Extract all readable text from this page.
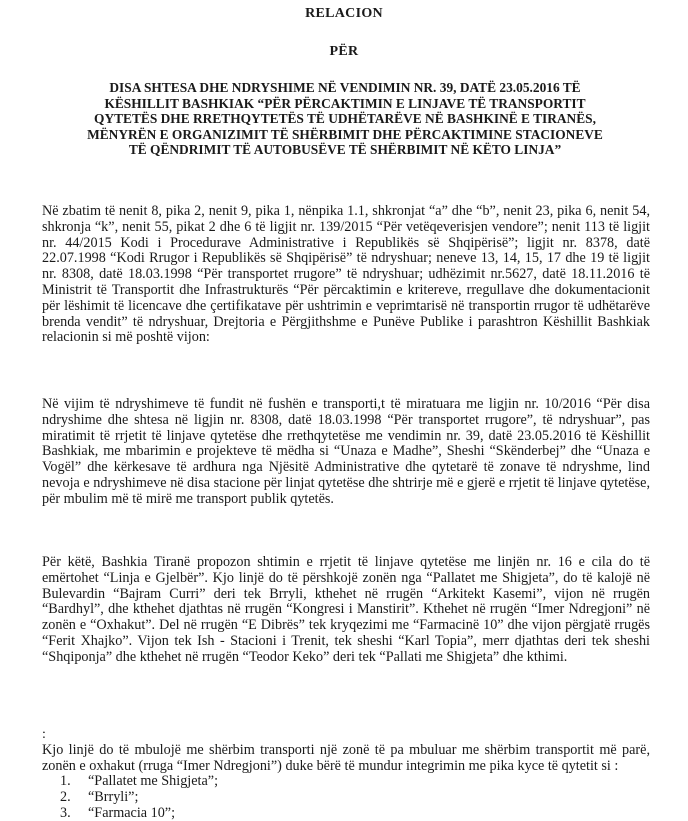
RELACION
PËR
DISA SHTESA DHE NDRYSHIME NË VENDIMIN NR. 39, DATË 23.05.2016 TË
KËSHILLIT BASHKIAK “PËR PËRCAKTIMIN E LINJAVE TË TRANSPORTIT
QYTETËS DHE RRETHQYTETËS TË UDHËTARËVE NË BASHKINË E TIRANËS,
MËNYRËN E ORGANIZIMIT TË SHËRBIMIT DHE PËRCAKTIMINE STACIONEVE
TË QËNDRIMIT TË AUTOBUSËVE TË SHËRBIMIT NË KËTO LINJA”
Në zbatim të nenit 8, pika 2, nenit 9, pika 1, nënpika 1.1, shkronjat “a” dhe “b”, nenit 23, pika 6, nenit 54, shkronja “k”, nenit 55, pikat 2 dhe 6 të ligjit nr. 139/2015 “Për vetëqeverisjen vendore”; nenit 113 të ligjit nr. 44/2015 Kodi i Procedurave Administrative i Republikës së Shqipërisë”; ligjit nr. 8378, datë 22.07.1998 “Kodi Rrugor i Republikës së Shqipërisë” të ndryshuar; neneve 13, 14, 15, 17 dhe 19 të ligjit nr. 8308, datë 18.03.1998 “Për transportet rrugore” të ndryshuar; udhëzimit nr.5627, datë 18.11.2016 të Ministrit të Transportit dhe Infrastrukturës “Për përcaktimin e kritereve, rregullave dhe dokumentacionit për lëshimit të licencave dhe çertifikatave për ushtrimin e veprimtarisë në transportin rrugor të udhëtarëve brenda vendit” të ndryshuar, Drejtoria e Përgjithshme e Punëve Publike i parashtron Këshillit Bashkiak relacionin si më poshtë vijon:
Në vijim të ndryshimeve të fundit në fushën e transporti,t të miratuara me ligjin nr. 10/2016 “Për disa ndryshime dhe shtesa në ligjin nr. 8308, datë 18.03.1998 “Për transportet rrugore”, të ndryshuar”, pas miratimit të rrjetit të linjave qytetëse dhe rrethqytetëse me vendimin nr. 39, datë 23.05.2016 të Këshillit Bashkiak, me mbarimin e projekteve të mëdha si “Unaza e Madhe”, Sheshi “Skënderbej” dhe “Unaza e Vogël” dhe kërkesave të ardhura nga Njësitë Administrative dhe qytetarë të zonave të ndryshme, lind nevoja e ndryshimeve në disa stacione për linjat qytetëse dhe shtrirje më e gjerë e rrjetit të linjave qytetëse, për mbulim më të mirë me transport publik qytetës.
Për këtë, Bashkia Tiranë propozon shtimin e rrjetit të linjave qytetëse me linjën nr. 16 e cila do të emërtohet “Linja e Gjelbër”. Kjo linjë do të përshkojë zonën nga “Pallatet me Shigjeta”, do të kalojë në Bulevardin “Bajram Curri” deri tek Brryli, kthehet në rrugën “Arkitekt Kasemi”, vijon në rrugën “Bardhyl”, dhe kthehet djathtas në rrugën “Kongresi i Manstirit”. Kthehet në rrugën “Imer Ndregjoni” në zonën e “Oxhakut”. Del në rrugën “E Dibrës” tek kryqezimi me “Farmacinë 10” dhe vijon përgjatë rrugës “Ferit Xhajko”. Vijon tek Ish - Stacioni i Trenit, tek sheshi “Karl Topia”, merr djathtas deri tek sheshi “Shqiponja” dhe kthehet në rrugën “Teodor Keko” deri tek “Pallati me Shigjeta” dhe kthimi.
:
Kjo linjë do të mbulojë me shërbim transporti një zonë të pa mbuluar me shërbim transportit më parë, zonën e oxhakut (rruga “Imer Ndregjoni”) duke bërë të mundur integrimin me pika kyce të qytetit si :
1.	“Pallatet me Shigjeta”;
2.	“Brryli”;
3.	“Farmacia 10”;
